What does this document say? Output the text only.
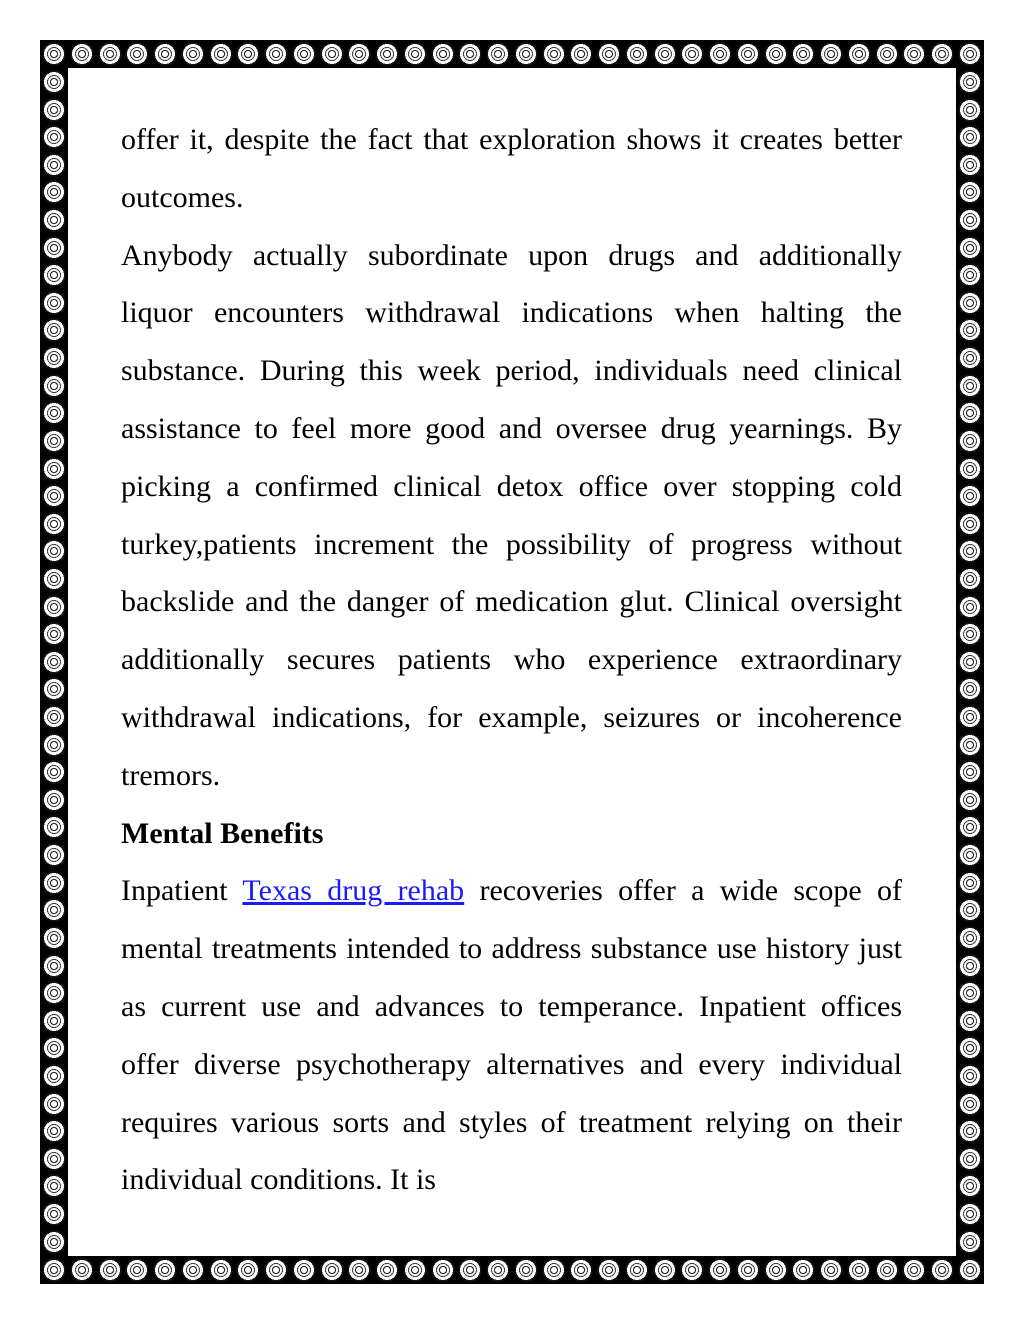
offer it, despite the fact that exploration shows it creates better outcomes.

Anybody actually subordinate upon drugs and additionally liquor encounters withdrawal indications when halting the substance. During this week period, individuals need clinical assistance to feel more good and oversee drug yearnings. By picking a confirmed clinical detox office over stopping cold turkey,patients increment the possibility of progress without backslide and the danger of medication glut. Clinical oversight additionally secures patients who experience extraordinary withdrawal indications, for example, seizures or incoherence tremors.

Mental Benefits

Inpatient Texas drug rehab recoveries offer a wide scope of mental treatments intended to address substance use history just as current use and advances to temperance. Inpatient offices offer diverse psychotherapy alternatives and every individual requires various sorts and styles of treatment relying on their individual conditions. It is
